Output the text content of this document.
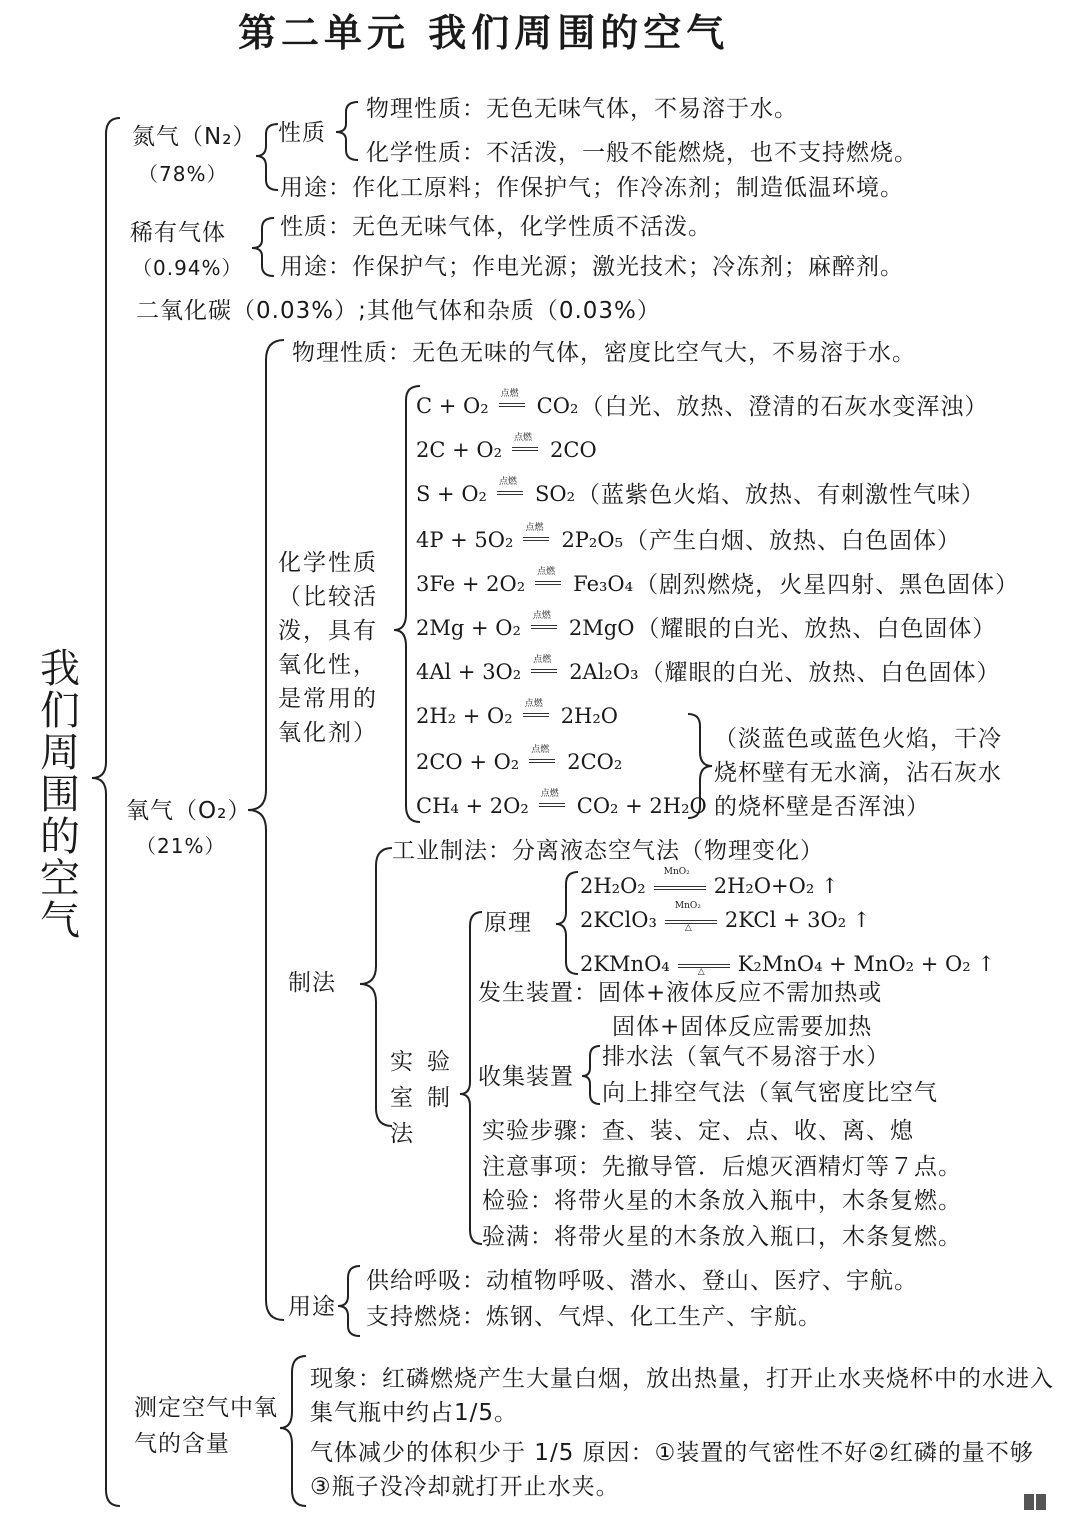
第二单元 我们周围的空气
我们周围的空气
氮气（N₂）
（78%）
性质
物理性质：无色无味气体，不易溶于水。
化学性质：不活泼，一般不能燃烧，也不支持燃烧。
用途：作化工原料；作保护气；作冷冻剂；制造低温环境。
稀有气体
（0.94%）
性质：无色无味气体，化学性质不活泼。
用途：作保护气；作电光源；激光技术；冷冻剂；麻醉剂。
二氧化碳（0.03%）;其他气体和杂质（0.03%）
氧气（O₂）
（21%）
物理性质：无色无味的气体，密度比空气大，不易溶于水。
化学性质（比较活泼，具有氧化性，是常用的氧化剂）
C + O₂ 点燃 CO₂ （白光、放热、澄清的石灰水变浑浊）
2C + O₂ 点燃 2CO
S + O₂ 点燃 SO₂ （蓝紫色火焰、放热、有刺激性气味）
4P + 5O₂ 点燃 2P₂O₅ （产生白烟、放热、白色固体）
3Fe + 2O₂ 点燃 Fe₃O₄ （剧烈燃烧，火星四射、黑色固体）
2Mg + O₂ 点燃 2MgO （耀眼的白光、放热、白色固体）
4Al + 3O₂ 点燃 2Al₂O₃ （耀眼的白光、放热、白色固体）
2H₂ + O₂ 点燃 2H₂O
2CO + O₂ 点燃 2CO₂
CH₄ + 2O₂ 点燃 CO₂ + 2H₂O
（淡蓝色或蓝色火焰，干冷烧杯壁有无水滴，沾石灰水的烧杯壁是否浑浊）
制法
工业制法：分离液态空气法（物理变化）
实验室制法
原理
2H₂O₂
MnO₂
2H₂O+O₂ ↑
2KClO₃
MnO₂
△ 2KCl + 3O₂ ↑
2KMnO₄	△ K₂MnO₄ + MnO₂ + O₂ ↑
发生装置：固体+液体反应不需加热或
固体+固体反应需要加热
收集装置
排水法（氧气不易溶于水）
向上排空气法（氧气密度比空气
实验步骤：查、装、定、点、收、离、熄
注意事项：先撤导管．后熄灭酒精灯等７点。
检验：将带火星的木条放入瓶中，木条复燃。
验满：将带火星的木条放入瓶口，木条复燃。
用途
供给呼吸：动植物呼吸、潜水、登山、医疗、宇航。
支持燃烧：炼钢、气焊、化工生产、宇航。
测定空气中氧气的含量
现象：红磷燃烧产生大量白烟，放出热量，打开止水夹烧杯中的水进入集气瓶中约占1/5。
气体减少的体积少于 1/5 原因：①装置的气密性不好②红磷的量不够③瓶子没冷却就打开止水夹。
